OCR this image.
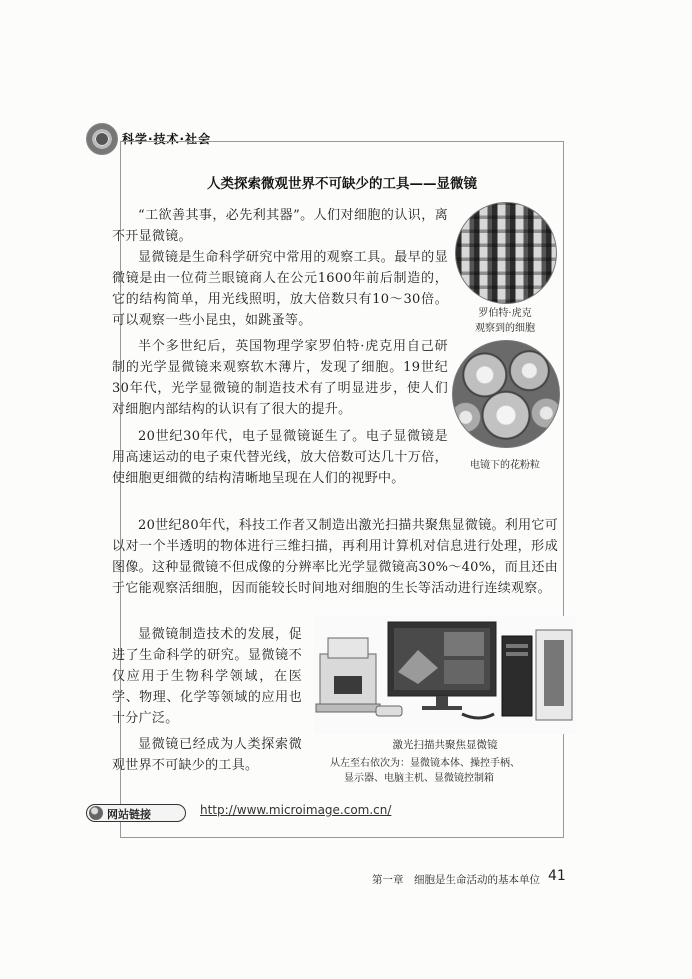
科学·技术·社会
人类探索微观世界不可缺少的工具——显微镜

“工欲善其事，必先利其器”。人们对细胞的认识，离不开显微镜。

显微镜是生命科学研究中常用的观察工具。最早的显微镜是由一位荷兰眼镜商人在公元1600年前后制造的，它的结构简单，用光线照明，放大倍数只有10～30倍。可以观察一些小昆虫，如跳蚤等。

半个多世纪后，英国物理学家罗伯特·虎克用自己研制的光学显微镜来观察软木薄片，发现了细胞。19世纪30年代，光学显微镜的制造技术有了明显进步，使人们对细胞内部结构的认识有了很大的提升。

20世纪30年代，电子显微镜诞生了。电子显微镜是用高速运动的电子束代替光线，放大倍数可达几十万倍，使细胞更细微的结构清晰地呈现在人们的视野中。

20世纪80年代，科技工作者又制造出激光扫描共聚焦显微镜。利用它可以对一个半透明的物体进行三维扫描，再利用计算机对信息进行处理，形成图像。这种显微镜不但成像的分辨率比光学显微镜高30%～40%，而且还由于它能观察活细胞，因而能较长时间地对细胞的生长等活动进行连续观察。

显微镜制造技术的发展，促进了生命科学的研究。显微镜不仅应用于生物科学领域，在医学、物理、化学等领域的应用也十分广泛。

显微镜已经成为人类探索微观世界不可缺少的工具。

罗伯特·虎克
观察到的细胞
电镜下的花粉粒
激光扫描共聚焦显微镜
从左至右依次为：显微镜本体、操控手柄、
显示器、电脑主机、显微镜控制箱
网站链接	http://www.microimage.com.cn/
第一章　细胞是生命活动的基本单位 41
